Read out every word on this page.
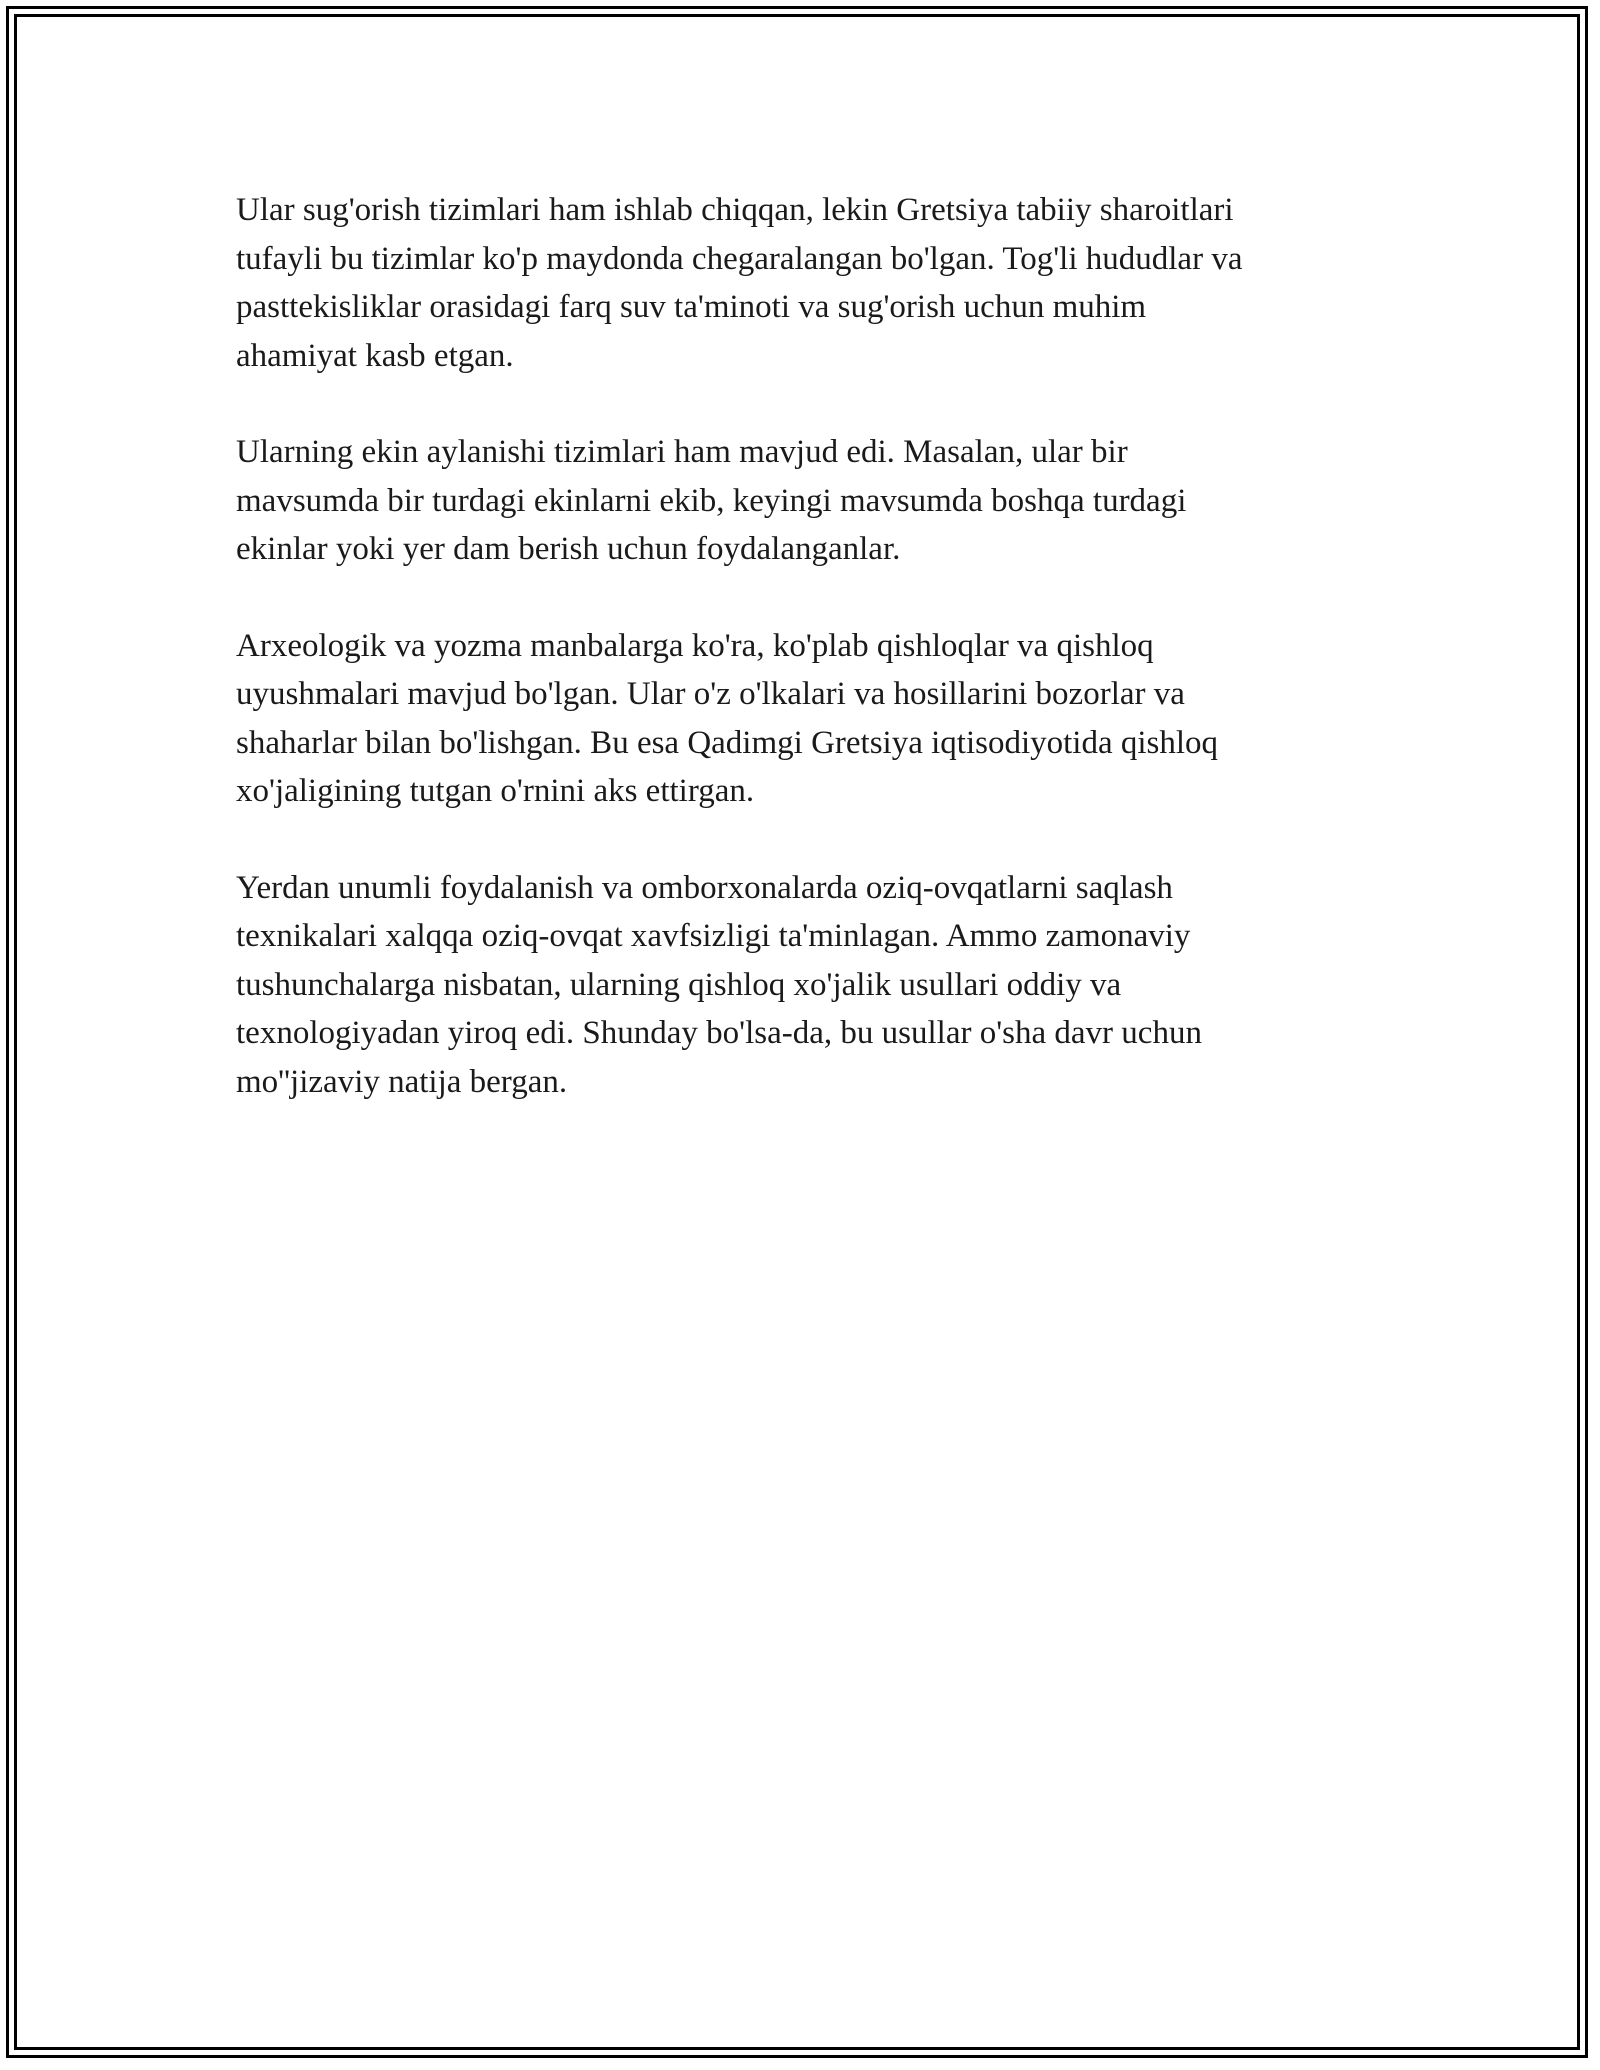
Ular sug'orish tizimlari ham ishlab chiqqan, lekin Gretsiya tabiiy sharoitlari
tufayli bu tizimlar ko'p maydonda chegaralangan bo'lgan. Tog'li hududlar va
pasttekisliklar orasidagi farq suv ta'minoti va sug'orish uchun muhim
ahamiyat kasb etgan.

Ularning ekin aylanishi tizimlari ham mavjud edi. Masalan, ular bir
mavsumda bir turdagi ekinlarni ekib, keyingi mavsumda boshqa turdagi
ekinlar yoki yer dam berish uchun foydalanganlar.

Arxeologik va yozma manbalarga ko'ra, ko'plab qishloqlar va qishloq
uyushmalari mavjud bo'lgan. Ular o'z o'lkalari va hosillarini bozorlar va
shaharlar bilan bo'lishgan. Bu esa Qadimgi Gretsiya iqtisodiyotida qishloq
xo'jaligining tutgan o'rnini aks ettirgan.

Yerdan unumli foydalanish va omborxonalarda oziq-ovqatlarni saqlash
texnikalari xalqqa oziq-ovqat xavfsizligi ta'minlagan. Ammo zamonaviy
tushunchalarga nisbatan, ularning qishloq xo'jalik usullari oddiy va
texnologiyadan yiroq edi. Shunday bo'lsa-da, bu usullar o'sha davr uchun
mo''jizaviy natija bergan.
